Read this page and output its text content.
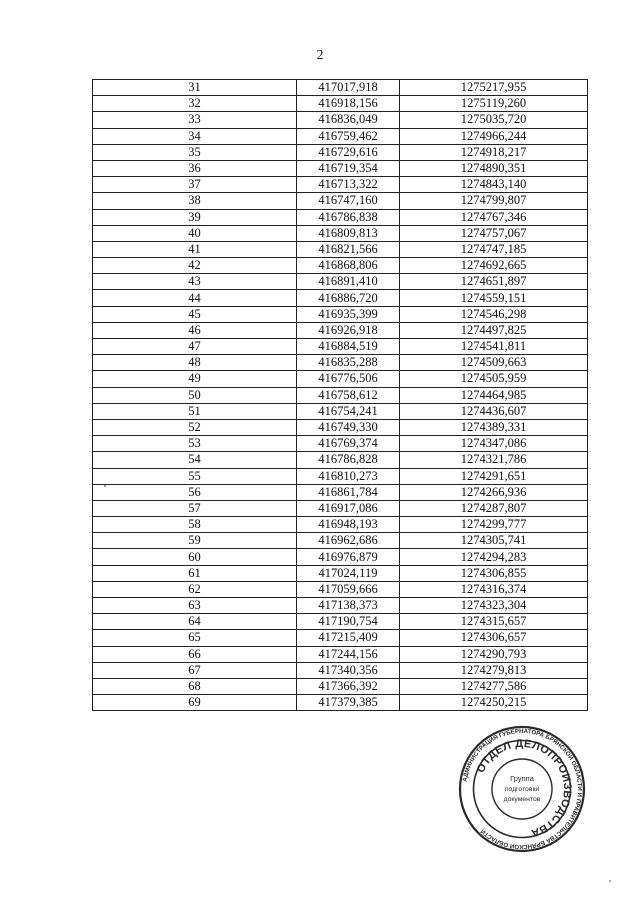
2
31	417017,918	1275217,955
32	416918,156	1275119,260
33	416836,049	1275035,720
34	416759,462	1274966,244
35	416729,616	1274918,217
36	416719,354	1274890,351
37	416713,322	1274843,140
38	416747,160	1274799,807
39	416786,838	1274767,346
40	416809,813	1274757,067
41	416821,566	1274747,185
42	416868,806	1274692,665
43	416891,410	1274651,897
44	416886,720	1274559,151
45	416935,399	1274546,298
46	416926,918	1274497,825
47	416884,519	1274541,811
48	416835,288	1274509,663
49	416776,506	1274505,959
50	416758,612	1274464,985
51	416754,241	1274436,607
52	416749,330	1274389,331
53	416769,374	1274347,086
54	416786,828	1274321,786
55	416810,273	1274291,651
56	416861,784	1274266,936
57	416917,086	1274287,807
58	416948,193	1274299,777
59	416962,686	1274305,741
60	416976,879	1274294,283
61	417024,119	1274306,855
62	417059,666	1274316,374
63	417138,373	1274323,304
64	417190,754	1274315,657
65	417215,409	1274306,657
66	417244,156	1274290,793
67	417340,356	1274279,813
68	417366,392	1274277,586
69	417379,385	1274250,215
АДМИНИСТРАЦИЯ ГУБЕРНАТОРА БРЯНСКОЙ ОБЛАСТИ И ПРАВИТЕЛЬСТВА БРЯНСКОЙ ОБЛАСТИ
ОТДЕЛ ДЕЛОПРОИЗВОДСТВА
Группа
подготовки
документов
